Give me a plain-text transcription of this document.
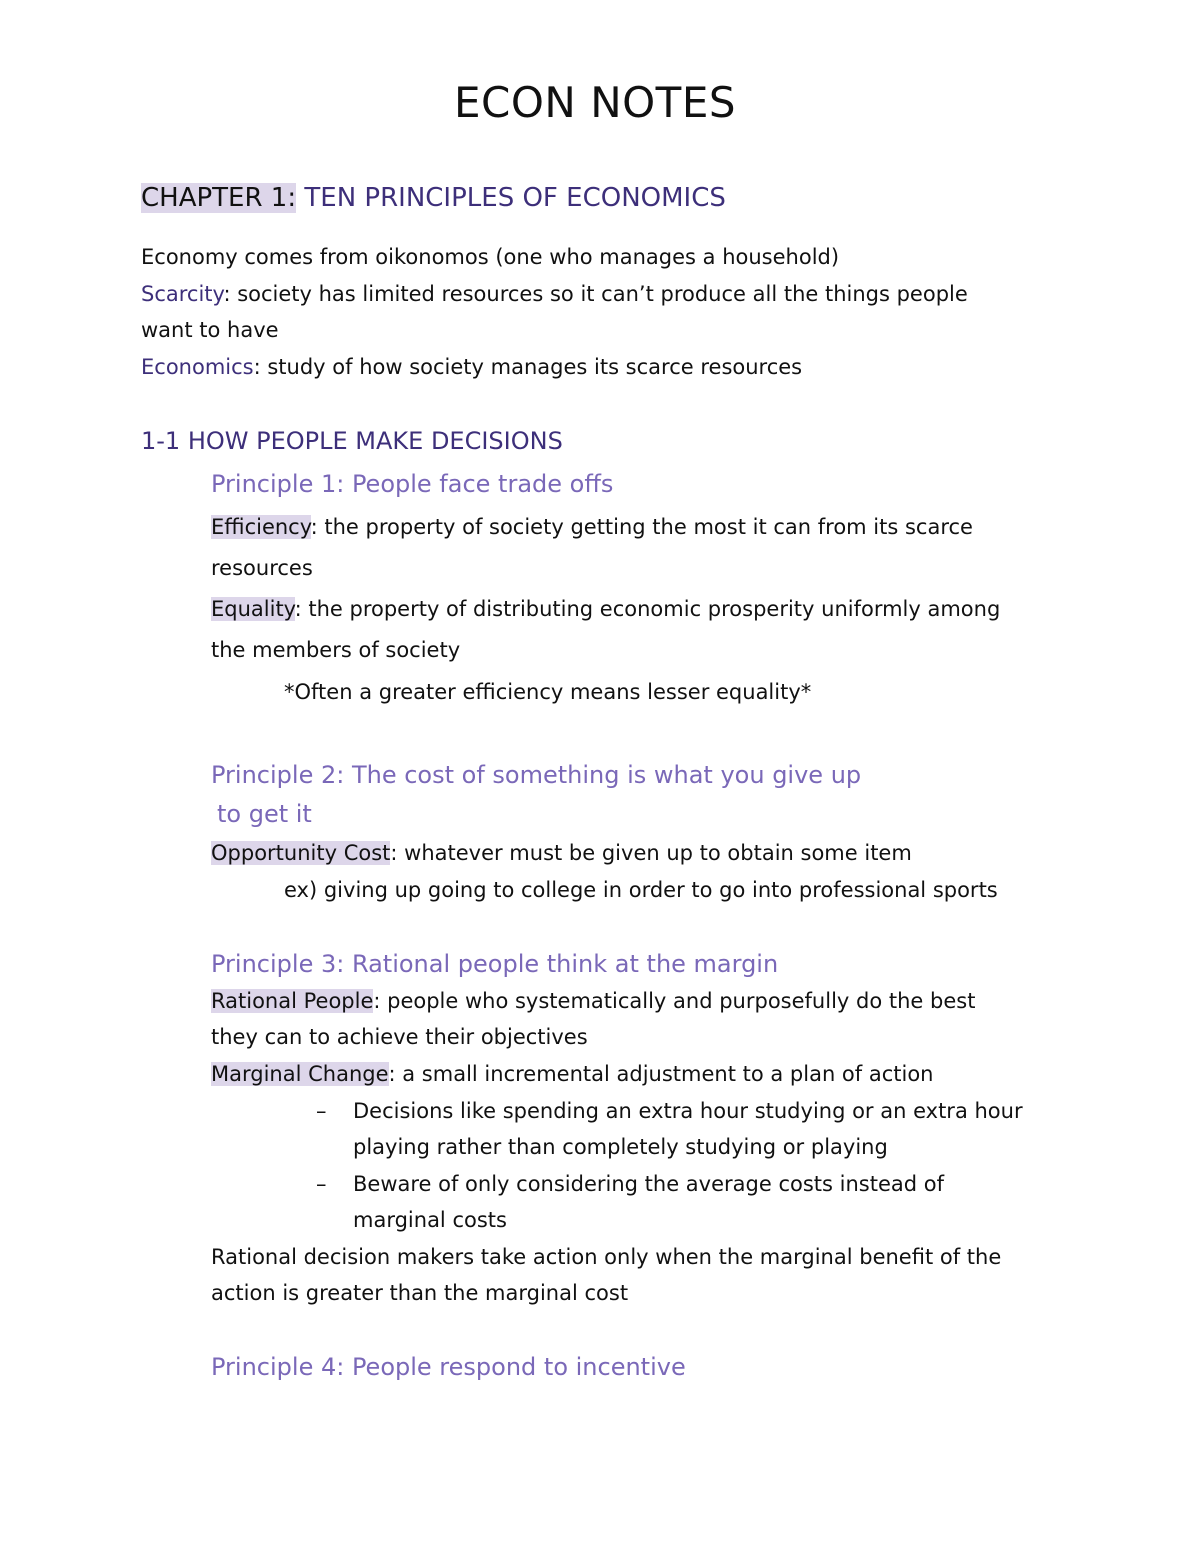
ECON NOTES
CHAPTER 1: TEN PRINCIPLES OF ECONOMICS
Economy comes from oikonomos (one who manages a household)
Scarcity: society has limited resources so it can’t produce all the things people
want to have
Economics: study of how society manages its scarce resources
1-1 HOW PEOPLE MAKE DECISIONS
Principle 1: People face trade offs
Efficiency: the property of society getting the most it can from its scarce
resources
Equality: the property of distributing economic prosperity uniformly among
the members of society
*Often a greater efficiency means lesser equality*
Principle 2: The cost of something is what you give up
to get it
Opportunity Cost: whatever must be given up to obtain some item
ex) giving up going to college in order to go into professional sports
Principle 3: Rational people think at the margin
Rational People: people who systematically and purposefully do the best
they can to achieve their objectives
Marginal Change: a small incremental adjustment to a plan of action
– Decisions like spending an extra hour studying or an extra hour
playing rather than completely studying or playing
– Beware of only considering the average costs instead of
marginal costs
Rational decision makers take action only when the marginal benefit of the
action is greater than the marginal cost
Principle 4: People respond to incentive
